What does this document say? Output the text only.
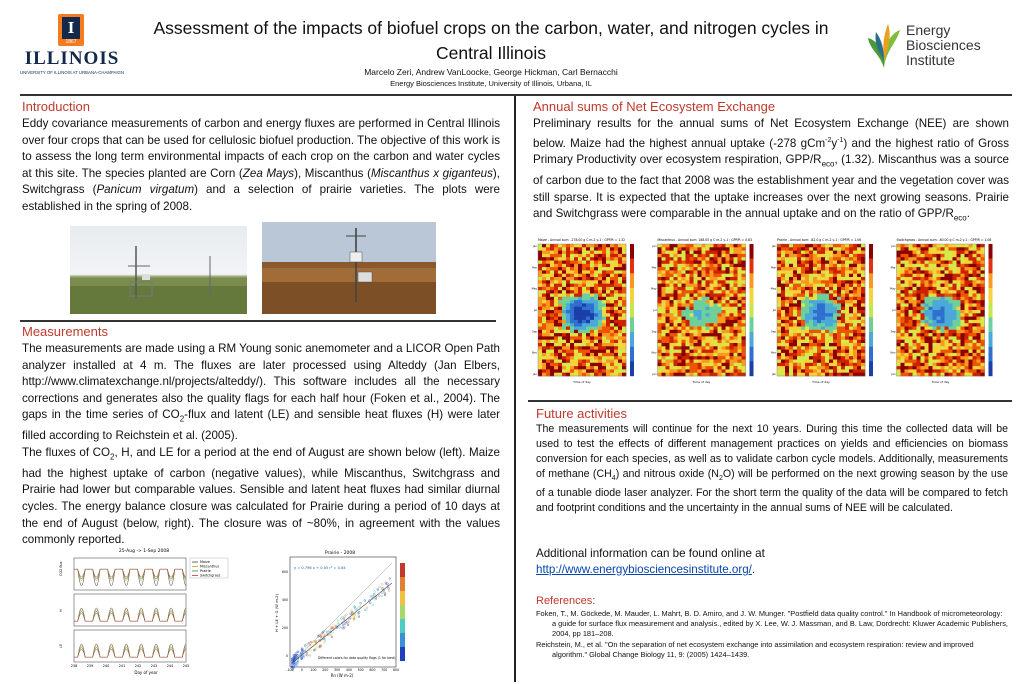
I
1867
ILLINOIS
UNIVERSITY OF ILLINOIS AT URBANA-CHAMPAIGN
Assessment of the impacts of biofuel crops on the carbon, water, and nitrogen cycles in Central Illinois
Marcelo Zeri, Andrew VanLoocke, George Hickman, Carl Bernacchi
Energy Biosciences Institute, University of Illinois, Urbana, IL
Energy
Biosciences
Institute
Introduction
Eddy covariance measurements of carbon and energy fluxes are performed in Central Illinois over four crops that can be used for cellulosic biofuel production. The objective of this work is to assess the long term environmental impacts of each crop on the carbon and water cycles at this site. The species planted are Corn (Zea Mays), Miscanthus (Miscanthus x giganteus), Switchgrass (Panicum virgatum) and a selection of prairie varieties. The plots were established in the spring of 2008.
Measurements
The measurements are made using a RM Young sonic anemometer and a LICOR Open Path analyzer installed at 4 m. The fluxes are later processed using Alteddy (Jan Elbers, http://www.climatexchange.nl/projects/alteddy/). This software includes all the necessary corrections and generates also the quality flags for each half hour (Foken et al., 2004). The gaps in the time series of $CO_2$-flux and latent (LE) and sensible heat fluxes (H) were later filled according to Reichstein et al. (2005).
The fluxes of $CO_2$, H, and LE for a period at the end of August are shown below (left). Maize had the highest uptake of carbon (negative values), while Miscanthus, Switchgrass and Prairie had lower but comparable values. Sensible and latent heat fluxes had similar diurnal cycles. The energy balance closure was calculated for Prairie during a period of 10 days at the end of August (below, right). The closure was of ~80%, in agreement with the values commonly reported.
25-Aug -> 1-Sep 2008
CO2 flux
H
LE
Maize
Miscanthus
Prairie
Switchgrass
238	239	240	241	242	243	244	245
Day of year
Prairie - 2008
y = 0.796 x + 0.05 r² = 0.84
Different colors for data quality flags (1 for best)
-100 0 100 200 300 400 500 600 700 800
600
400
200
0
Rn (W m-2)
H + LE + G (W m-2)
Annual sums of Net Ecosystem Exchange
Preliminary results for the annual sums of Net Ecosystem Exchange (NEE) are shown below. Maize had the highest annual uptake (-278 $gCm^{-2}y^{-1}$) and the highest ratio of Gross Primary Productivity over ecosystem respiration, GPP/$R_{eco}$, (1.32). Miscanthus was a source of carbon due to the fact that 2008 was the establishment year and the vegetation cover was still sparse. It is expected that the uptake increases over the next growing seasons. Prairie and Switchgrass were comparable in the annual uptake and on the ratio of GPP/$R_{eco}$.
Maize - Annual sum: -278.00 g C m-2 y-1 ; GPP/R = 1.32
Jan
Mar
May
Jul
Sep
Nov
Jan
Time of day
Miscanthus - Annual sum: 188.00 g C m-2 y-1 ; GPP/R = 0.83
Jan
Mar
May
Jul
Sep
Nov
Jan
Time of day
Prairie - Annual sum: -82.0 g C m-2 y-1 ; GPP/R = 1.06
Jan
Mar
May
Jul
Sep
Nov
Jan
Time of day
Switchgrass - Annual sum: -80.00 g C m-2 y-1 ; GPP/R = 1.08
Jan
Mar
May
Jul
Sep
Nov
Jan
Time of day
Future activities
The measurements will continue for the next 10 years. During this time the collected data will be used to test the effects of different management practices on yields and efficiencies on biomass conversion for each species, as well as to validate carbon cycle models. Additionally, measurements of methane $(CH_4)$ and nitrous oxide $(N_2O)$ will be performed on the next growing season by the use of a tunable diode laser analyzer. For the short term the quality of the data will be compared to fetch and footprint conditions and the uncertainty in the annual sums of NEE will be calculated.
Additional information can be found online at
http://www.energybiosciencesinstitute.org/.
References:
Foken, T., M. Göckede, M. Mauder, L. Mahrt, B. D. Amiro, and J. W. Munger. "Postfield data quality control." In Handbook of micrometeorology: a guide for surface flux measurement and analysis., edited by X. Lee, W. J. Massman, and B. Law, Dordrecht: Kluwer Academic Publishers, 2004, pp 181–208.
Reichstein, M., et al. "On the separation of net ecosystem exchange into assimilation and ecosystem respiration: review and improved algorithm." Global Change Biology 11, 9: (2005) 1424–1439.
